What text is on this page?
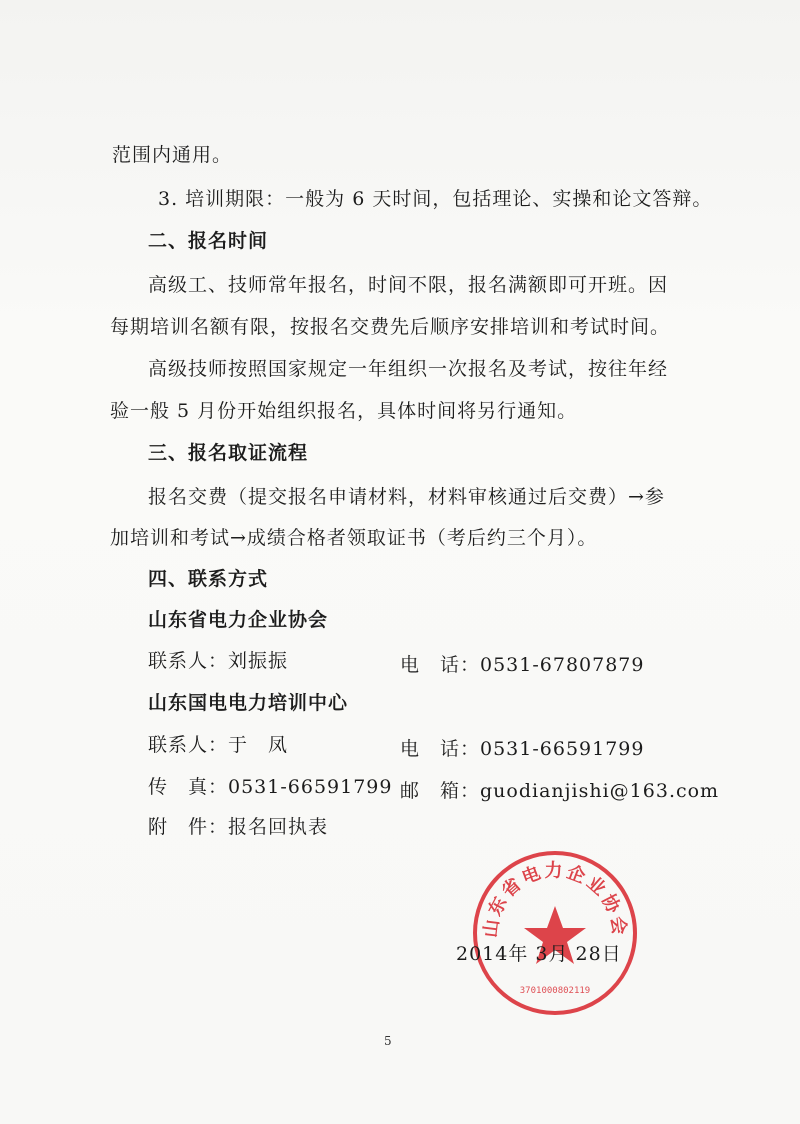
范围内通用。
3. 培训期限：一般为 6 天时间，包括理论、实操和论文答辩。
二、报名时间
高级工、技师常年报名，时间不限，报名满额即可开班。因
每期培训名额有限，按报名交费先后顺序安排培训和考试时间。
高级技师按照国家规定一年组织一次报名及考试，按往年经
验一般 5 月份开始组织报名，具体时间将另行通知。
三、报名取证流程
报名交费（提交报名申请材料，材料审核通过后交费）→参
加培训和考试→成绩合格者领取证书（考后约三个月）。
四、联系方式
山东省电力企业协会
联系人：刘振振	电　话：0531-67807879
山东国电电力培训中心
联系人：于　凤	电　话：0531-66591799
传　真：0531-66591799 邮　箱：guodianjishi@163.com
附　件：报名回执表
山东省电力企业协会
3701000802119
2014年 3月 28日
5
